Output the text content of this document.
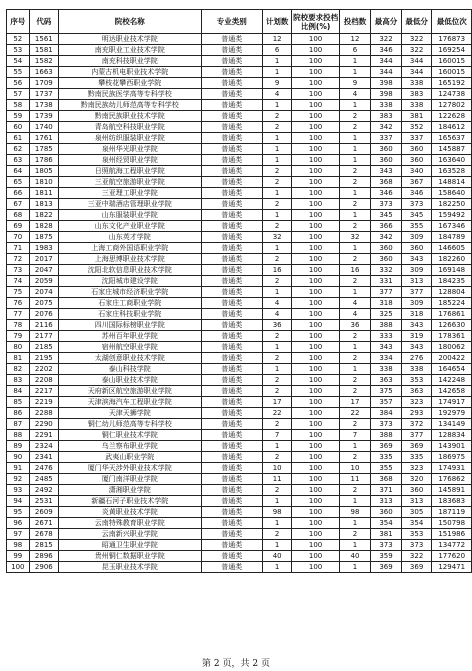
序号	代码	院校名称	专业类别	计划数	院校要求投档比例(%)	投档数	最高分	最低分	最低位次
52	1561	明达职业技术学院	普通类	12	100	12	322	322	176873
53	1581	南充职业工业技术学院	普通类	6	100	6	346	322	169254
54	1582	南充科技职业学院	普通类	1	100	1	344	344	160015
55	1663	内蒙古机电职业技术学院	普通类	1	100	1	344	344	160015
56	1709	攀枝花攀西职业学院	普通类	9	100	9	398	338	165192
57	1737	黔南民族医学高等专科学校	普通类	4	100	4	398	383	124738
58	1738	黔南民族幼儿师范高等专科学校	普通类	1	100	1	338	338	127802
59	1739	黔南民族职业技术学院	普通类	2	100	2	383	381	122628
60	1740	青岛航空科技职业学院	普通类	2	100	2	342	352	184612
61	1761	泉州纺织服装职业学院	普通类	1	100	1	337	337	165637
62	1785	泉州华光职业学院	普通类	1	100	1	360	360	145887
63	1786	泉州经贸职业学院	普通类	1	100	1	360	360	163640
64	1805	日照航海工程职业学院	普通类	2	100	2	343	340	163528
65	1810	三亚航空旅游职业学院	普通类	2	100	2	368	367	148814
66	1811	三亚理工职业学院	普通类	1	100	1	346	346	158640
67	1813	三亚中瑞酒店管理职业学院	普通类	2	100	2	373	373	182250
68	1822	山东服装职业学院	普通类	1	100	1	345	345	159492
69	1828	山东文化产业职业学院	普通类	2	100	2	366	355	167346
70	1875	山东英才学院	普通类	32	100	32	342	309	184789
71	1983	上海工商外国语职业学院	普通类	1	100	1	360	360	146605
72	2017	上海思博职业技术学院	普通类	2	100	2	360	343	182260
73	2047	沈阳北软信息职业技术学院	普通类	16	100	16	332	309	169148
74	2059	沈阳城市建设学院	普通类	2	100	2	331	313	184235
75	2074	石家庄城市经济职业学院	普通类	1	100	1	377	377	128804
76	2075	石家庄工商职业学院	普通类	4	100	4	318	309	185224
77	2076	石家庄科技职业学院	普通类	4	100	4	325	318	176861
78	2116	四川国际标榜职业学院	普通类	36	100	36	388	343	126630
79	2177	苏州百年职业学院	普通类	2	100	2	333	319	178361
80	2185	宿州航空职业学院	普通类	1	100	1	343	343	180062
81	2195	太湖创意职业技术学院	普通类	2	100	2	334	276	200422
82	2202	泰山科技学院	普通类	1	100	1	338	338	164654
83	2208	泰山职业技术学院	普通类	2	100	2	363	353	142248
84	2217	天府新区航空旅游职业学院	普通类	2	100	2	375	363	142658
85	2219	天津滨海汽车工程职业学院	普通类	17	100	17	357	323	174917
86	2288	天津天狮学院	普通类	22	100	22	384	293	192979
87	2290	铜仁幼儿师范高等专科学校	普通类	2	100	2	373	372	134149
88	2291	铜仁职业技术学院	普通类	7	100	7	388	377	128834
89	2324	乌兰察布职业学院	普通类	1	100	1	369	369	143901
90	2341	武夷山职业学院	普通类	2	100	2	335	335	186975
91	2476	厦门华天涉外职业技术学院	普通类	10	100	10	355	323	174931
92	2485	厦门南洋职业学院	普通类	11	100	11	368	320	176862
93	2492	潇湘职业学院	普通类	2	100	2	371	360	145891
94	2531	新疆石河子职业技术学院	普通类	1	100	1	313	313	183683
95	2609	炎黄职业技术学院	普通类	98	100	98	360	305	187119
96	2671	云南特殊教育职业学院	普通类	1	100	1	354	354	150798
97	2678	云南新兴职业学院	普通类	2	100	2	381	353	151986
98	2815	昭通卫生职业学院	普通类	1	100	1	373	373	134772
99	2896	贵州铜仁数据职业学院	普通类	40	100	40	359	322	177620
100	2906	昆玉职业技术学院	普通类	1	100	1	369	369	129471
第 2 页，共 2 页
